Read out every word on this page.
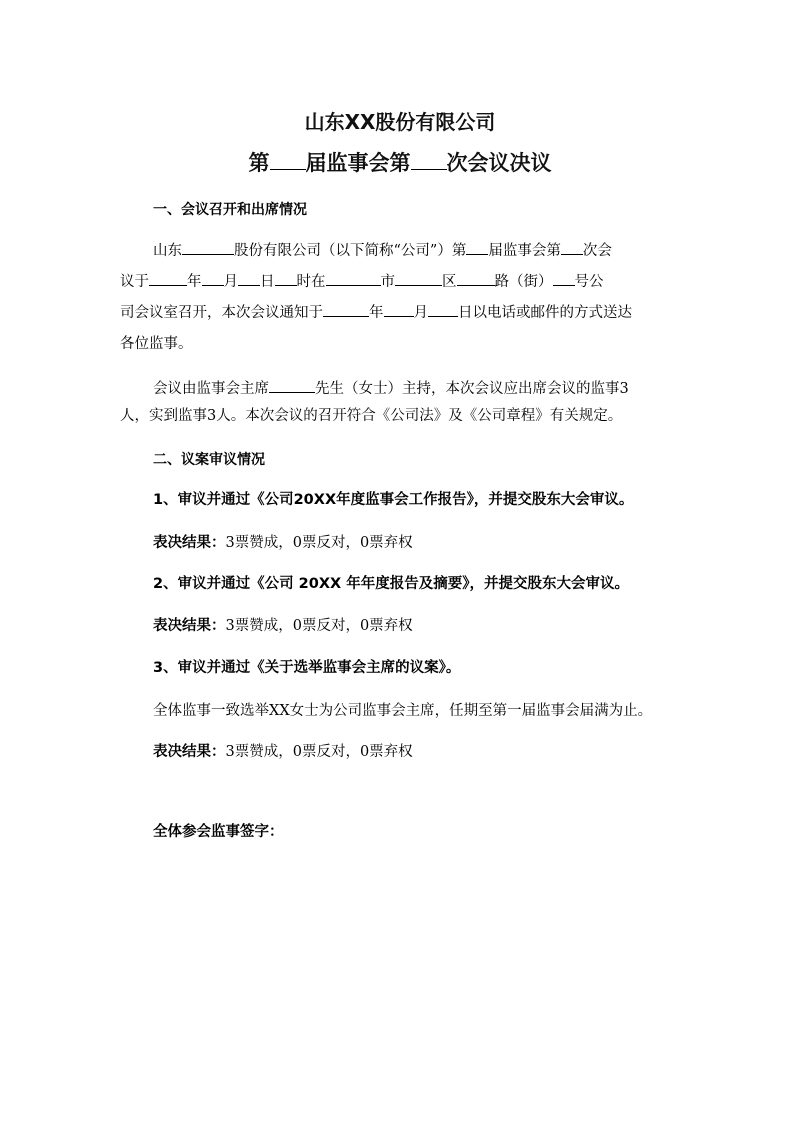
山东XX股份有限公司
第 届监事会第 次会议决议
一、会议召开和出席情况
山东	股份有限公司（以下简称“公司”）第 届监事会第 次会
议于	年 月 日 时在	市	区	路（街） 号公
司会议室召开，本次会议通知于	年 月 日以电话或邮件的方式送达
各位监事。
会议由监事会主席	先生（女士）主持，本次会议应出席会议的监事3
人，实到监事3人。本次会议的召开符合《公司法》及《公司章程》有关规定。
二、议案审议情况
1、审议并通过《公司20XX年度监事会工作报告》，并提交股东大会审议。
表决结果：3票赞成，0票反对，0票弃权
2、审议并通过《公司 20XX 年年度报告及摘要》，并提交股东大会审议。
表决结果：3票赞成，0票反对，0票弃权
3、审议并通过《关于选举监事会主席的议案》。
全体监事一致选举XX女士为公司监事会主席，任期至第一届监事会届满为止。
表决结果：3票赞成，0票反对，0票弃权
全体参会监事签字：
